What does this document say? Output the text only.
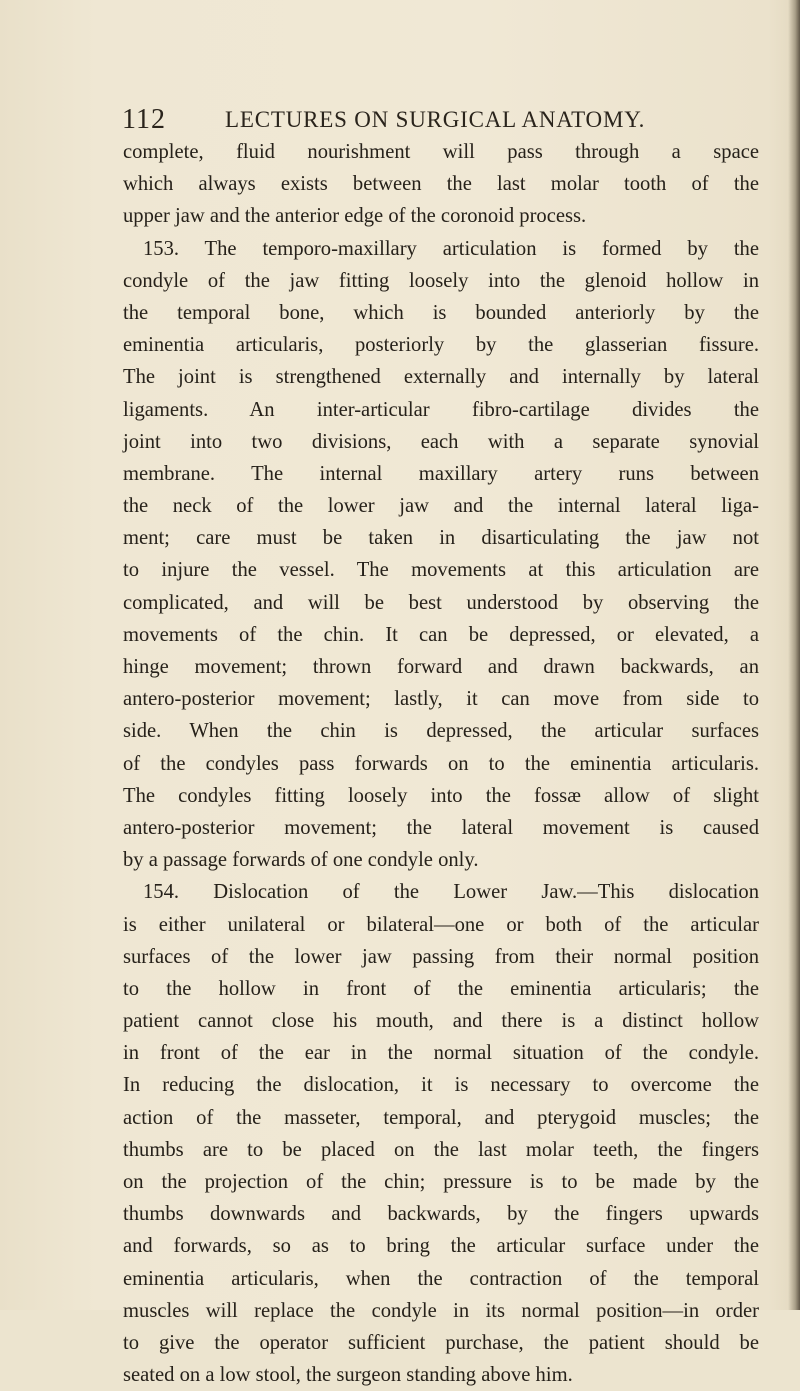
112	LECTURES ON SURGICAL ANATOMY.
complete, fluid nourishment will pass through a space
which always exists between the last molar tooth of the
upper jaw and the anterior edge of the coronoid process.
153. The temporo-maxillary articulation is formed by the
condyle of the jaw fitting loosely into the glenoid hollow in
the temporal bone, which is bounded anteriorly by the
eminentia articularis, posteriorly by the glasserian fissure.
The joint is strengthened externally and internally by lateral
ligaments. An inter-articular fibro-cartilage divides the
joint into two divisions, each with a separate synovial
membrane. The internal maxillary artery runs between
the neck of the lower jaw and the internal lateral liga-
ment; care must be taken in disarticulating the jaw not
to injure the vessel. The movements at this articulation are
complicated, and will be best understood by observing the
movements of the chin. It can be depressed, or elevated, a
hinge movement; thrown forward and drawn backwards, an
antero-posterior movement; lastly, it can move from side to
side. When the chin is depressed, the articular surfaces
of the condyles pass forwards on to the eminentia articularis.
The condyles fitting loosely into the fossæ allow of slight
antero-posterior movement; the lateral movement is caused
by a passage forwards of one condyle only.
154. Dislocation of the Lower Jaw.—This dislocation
is either unilateral or bilateral—one or both of the articular
surfaces of the lower jaw passing from their normal position
to the hollow in front of the eminentia articularis; the
patient cannot close his mouth, and there is a distinct hollow
in front of the ear in the normal situation of the condyle.
In reducing the dislocation, it is necessary to overcome the
action of the masseter, temporal, and pterygoid muscles; the
thumbs are to be placed on the last molar teeth, the fingers
on the projection of the chin; pressure is to be made by the
thumbs downwards and backwards, by the fingers upwards
and forwards, so as to bring the articular surface under the
eminentia articularis, when the contraction of the temporal
muscles will replace the condyle in its normal position—in order
to give the operator sufficient purchase, the patient should be
seated on a low stool, the surgeon standing above him.
